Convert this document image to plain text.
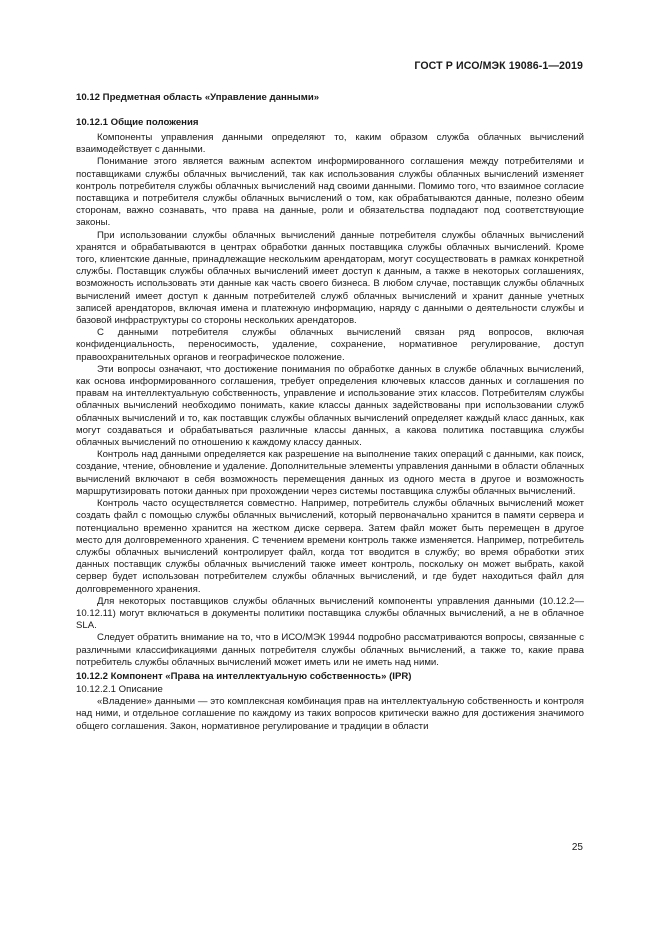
ГОСТ Р ИСО/МЭК 19086-1—2019
10.12 Предметная область «Управление данными»
10.12.1 Общие положения

Компоненты управления данными определяют то, каким образом служба облачных вычислений взаимодействует с данными.

Понимание этого является важным аспектом информированного соглашения между потребителями и поставщиками службы облачных вычислений, так как использования службы облачных вычислений изменяет контроль потребителя службы облачных вычислений над своими данными. Помимо того, что взаимное согласие поставщика и потребителя службы облачных вычислений о том, как обрабатываются данные, полезно обеим сторонам, важно сознавать, что права на данные, роли и обязательства подпадают под соответствующие законы.

При использовании службы облачных вычислений данные потребителя службы облачных вычислений хранятся и обрабатываются в центрах обработки данных поставщика службы облачных вычислений. Кроме того, клиентские данные, принадлежащие нескольким арендаторам, могут сосуществовать в рамках конкретной службы. Поставщик службы облачных вычислений имеет доступ к данным, а также в некоторых соглашениях, возможность использовать эти данные как часть своего бизнеса. В любом случае, поставщик службы облачных вычислений имеет доступ к данным потребителей служб облачных вычислений и хранит данные учетных записей арендаторов, включая имена и платежную информацию, наряду с данными о деятельности службы и базовой инфраструктуры со стороны нескольких арендаторов.

С данными потребителя службы облачных вычислений связан ряд вопросов, включая конфиденциальность, переносимость, удаление, сохранение, нормативное регулирование, доступ правоохранительных органов и географическое положение.

Эти вопросы означают, что достижение понимания по обработке данных в службе облачных вычислений, как основа информированного соглашения, требует определения ключевых классов данных и соглашения по правам на интеллектуальную собственность, управление и использование этих классов. Потребителям службы облачных вычислений необходимо понимать, какие классы данных задействованы при использовании служб облачных вычислений и то, как поставщик службы облачных вычислений определяет каждый класс данных, как могут создаваться и обрабатываться различные классы данных, а какова политика поставщика службы облачных вычислений по отношению к каждому классу данных.

Контроль над данными определяется как разрешение на выполнение таких операций с данными, как поиск, создание, чтение, обновление и удаление. Дополнительные элементы управления данными в области облачных вычислений включают в себя возможность перемещения данных из одного места в другое и возможность маршрутизировать потоки данных при прохождении через системы поставщика службы облачных вычислений.

Контроль часто осуществляется совместно. Например, потребитель службы облачных вычислений может создать файл с помощью службы облачных вычислений, который первоначально хранится в памяти сервера и потенциально временно хранится на жестком диске сервера. Затем файл может быть перемещен в другое место для долговременного хранения. С течением времени контроль также изменяется. Например, потребитель службы облачных вычислений контролирует файл, когда тот вводится в службу; во время обработки этих данных поставщик службы облачных вычислений также имеет контроль, поскольку он может выбрать, какой сервер будет использован потребителем службы облачных вычислений, и где будет находиться файл для долговременного хранения.

Для некоторых поставщиков службы облачных вычислений компоненты управления данными (10.12.2—10.12.11) могут включаться в документы политики поставщика службы облачных вычислений, а не в облачное SLA.

Следует обратить внимание на то, что в ИСО/МЭК 19944 подробно рассматриваются вопросы, связанные с различными классификациями данных потребителя службы облачных вычислений, а также то, какие права потребитель службы облачных вычислений может иметь или не иметь над ними.

10.12.2 Компонент «Права на интеллектуальную собственность» (IPR)

10.12.2.1 Описание

«Владение» данными — это комплексная комбинация прав на интеллектуальную собственность и контроля над ними, и отдельное соглашение по каждому из таких вопросов критически важно для достижения значимого общего соглашения. Закон, нормативное регулирование и традиции в области

25
